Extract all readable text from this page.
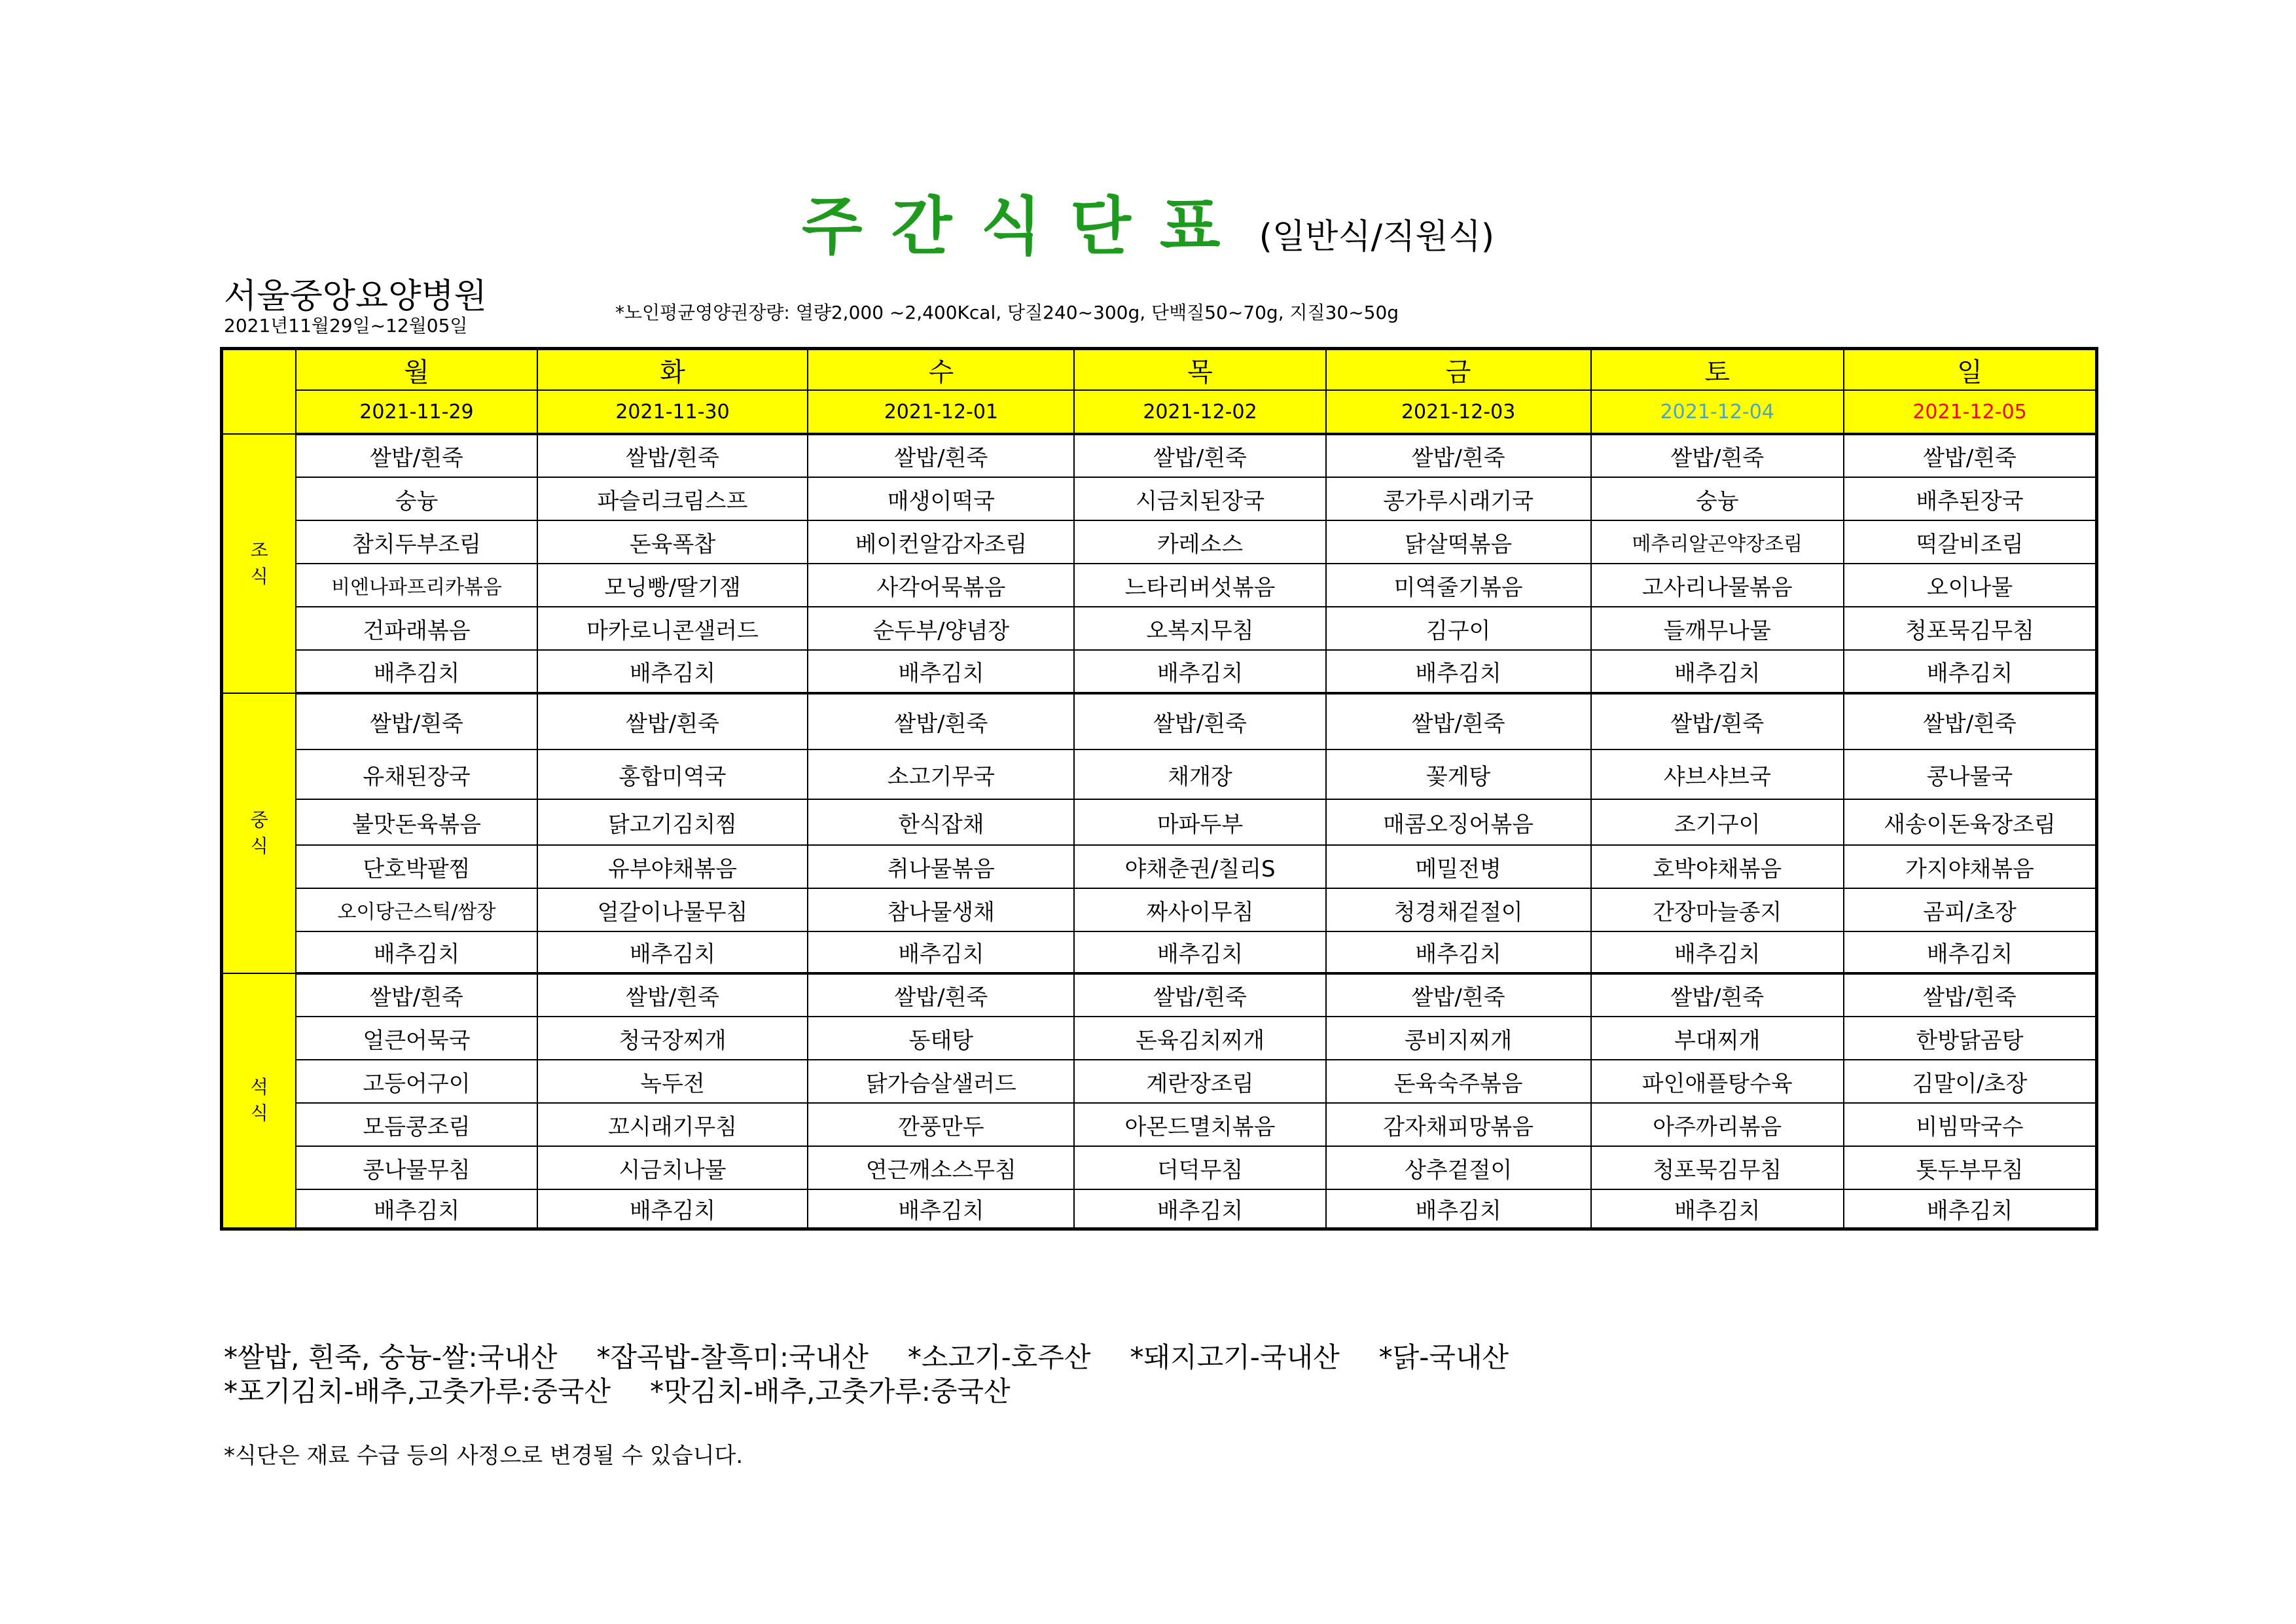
주간식단표 (일반식/직원식)
서울중앙요양병원
2021년11월29일~12월05일
*노인평균영양권장량: 열량2,000 ~2,400Kcal, 당질240~300g, 단백질50~70g, 지질30~50g
	월	화	수	목	금	토	일
	2021-11-29	2021-11-30	2021-12-01	2021-12-02	2021-12-03	2021-12-04	2021-12-05
조식	쌀밥/흰죽	쌀밥/흰죽	쌀밥/흰죽	쌀밥/흰죽	쌀밥/흰죽	쌀밥/흰죽	쌀밥/흰죽

	숭늉	파슬리크림스프	매생이떡국	시금치된장국	콩가루시래기국	숭늉	배추된장국

	참치두부조림	돈육폭찹	베이컨알감자조림	카레소스	닭살떡볶음	메추리알곤약장조림	떡갈비조림

	비엔나파프리카볶음	모닝빵/딸기잼	사각어묵볶음	느타리버섯볶음	미역줄기볶음	고사리나물볶음	오이나물

	건파래볶음	마카로니콘샐러드	순두부/양념장	오복지무침	김구이	들깨무나물	청포묵김무침

	배추김치	배추김치	배추김치	배추김치	배추김치	배추김치	배추김치

중식	쌀밥/흰죽	쌀밥/흰죽	쌀밥/흰죽	쌀밥/흰죽	쌀밥/흰죽	쌀밥/흰죽	쌀밥/흰죽

	유채된장국	홍합미역국	소고기무국	채개장	꽃게탕	샤브샤브국	콩나물국

	불맛돈육볶음	닭고기김치찜	한식잡채	마파두부	매콤오징어볶음	조기구이	새송이돈육장조림

	단호박팥찜	유부야채볶음	취나물볶음	야채춘권/칠리S	메밀전병	호박야채볶음	가지야채볶음

	오이당근스틱/쌈장	얼갈이나물무침	참나물생채	짜사이무침	청경채겉절이	간장마늘종지	곰피/초장

	배추김치	배추김치	배추김치	배추김치	배추김치	배추김치	배추김치

석식	쌀밥/흰죽	쌀밥/흰죽	쌀밥/흰죽	쌀밥/흰죽	쌀밥/흰죽	쌀밥/흰죽	쌀밥/흰죽

	얼큰어묵국	청국장찌개	동태탕	돈육김치찌개	콩비지찌개	부대찌개	한방닭곰탕

	고등어구이	녹두전	닭가슴살샐러드	계란장조림	돈육숙주볶음	파인애플탕수육	김말이/초장

	모듬콩조림	꼬시래기무침	깐풍만두	아몬드멸치볶음	감자채피망볶음	아주까리볶음	비빔막국수

	콩나물무침	시금치나물	연근깨소스무침	더덕무침	상추겉절이	청포묵김무침	톳두부무침

	배추김치	배추김치	배추김치	배추김치	배추김치	배추김치	배추김치
*쌀밥, 흰죽, 숭늉-쌀:국내산 *잡곡밥-찰흑미:국내산 *소고기-호주산 *돼지고기-국내산 *닭-국내산
*포기김치-배추,고춧가루:중국산 *맛김치-배추,고춧가루:중국산
*식단은 재료 수급 등의 사정으로 변경될 수 있습니다.
